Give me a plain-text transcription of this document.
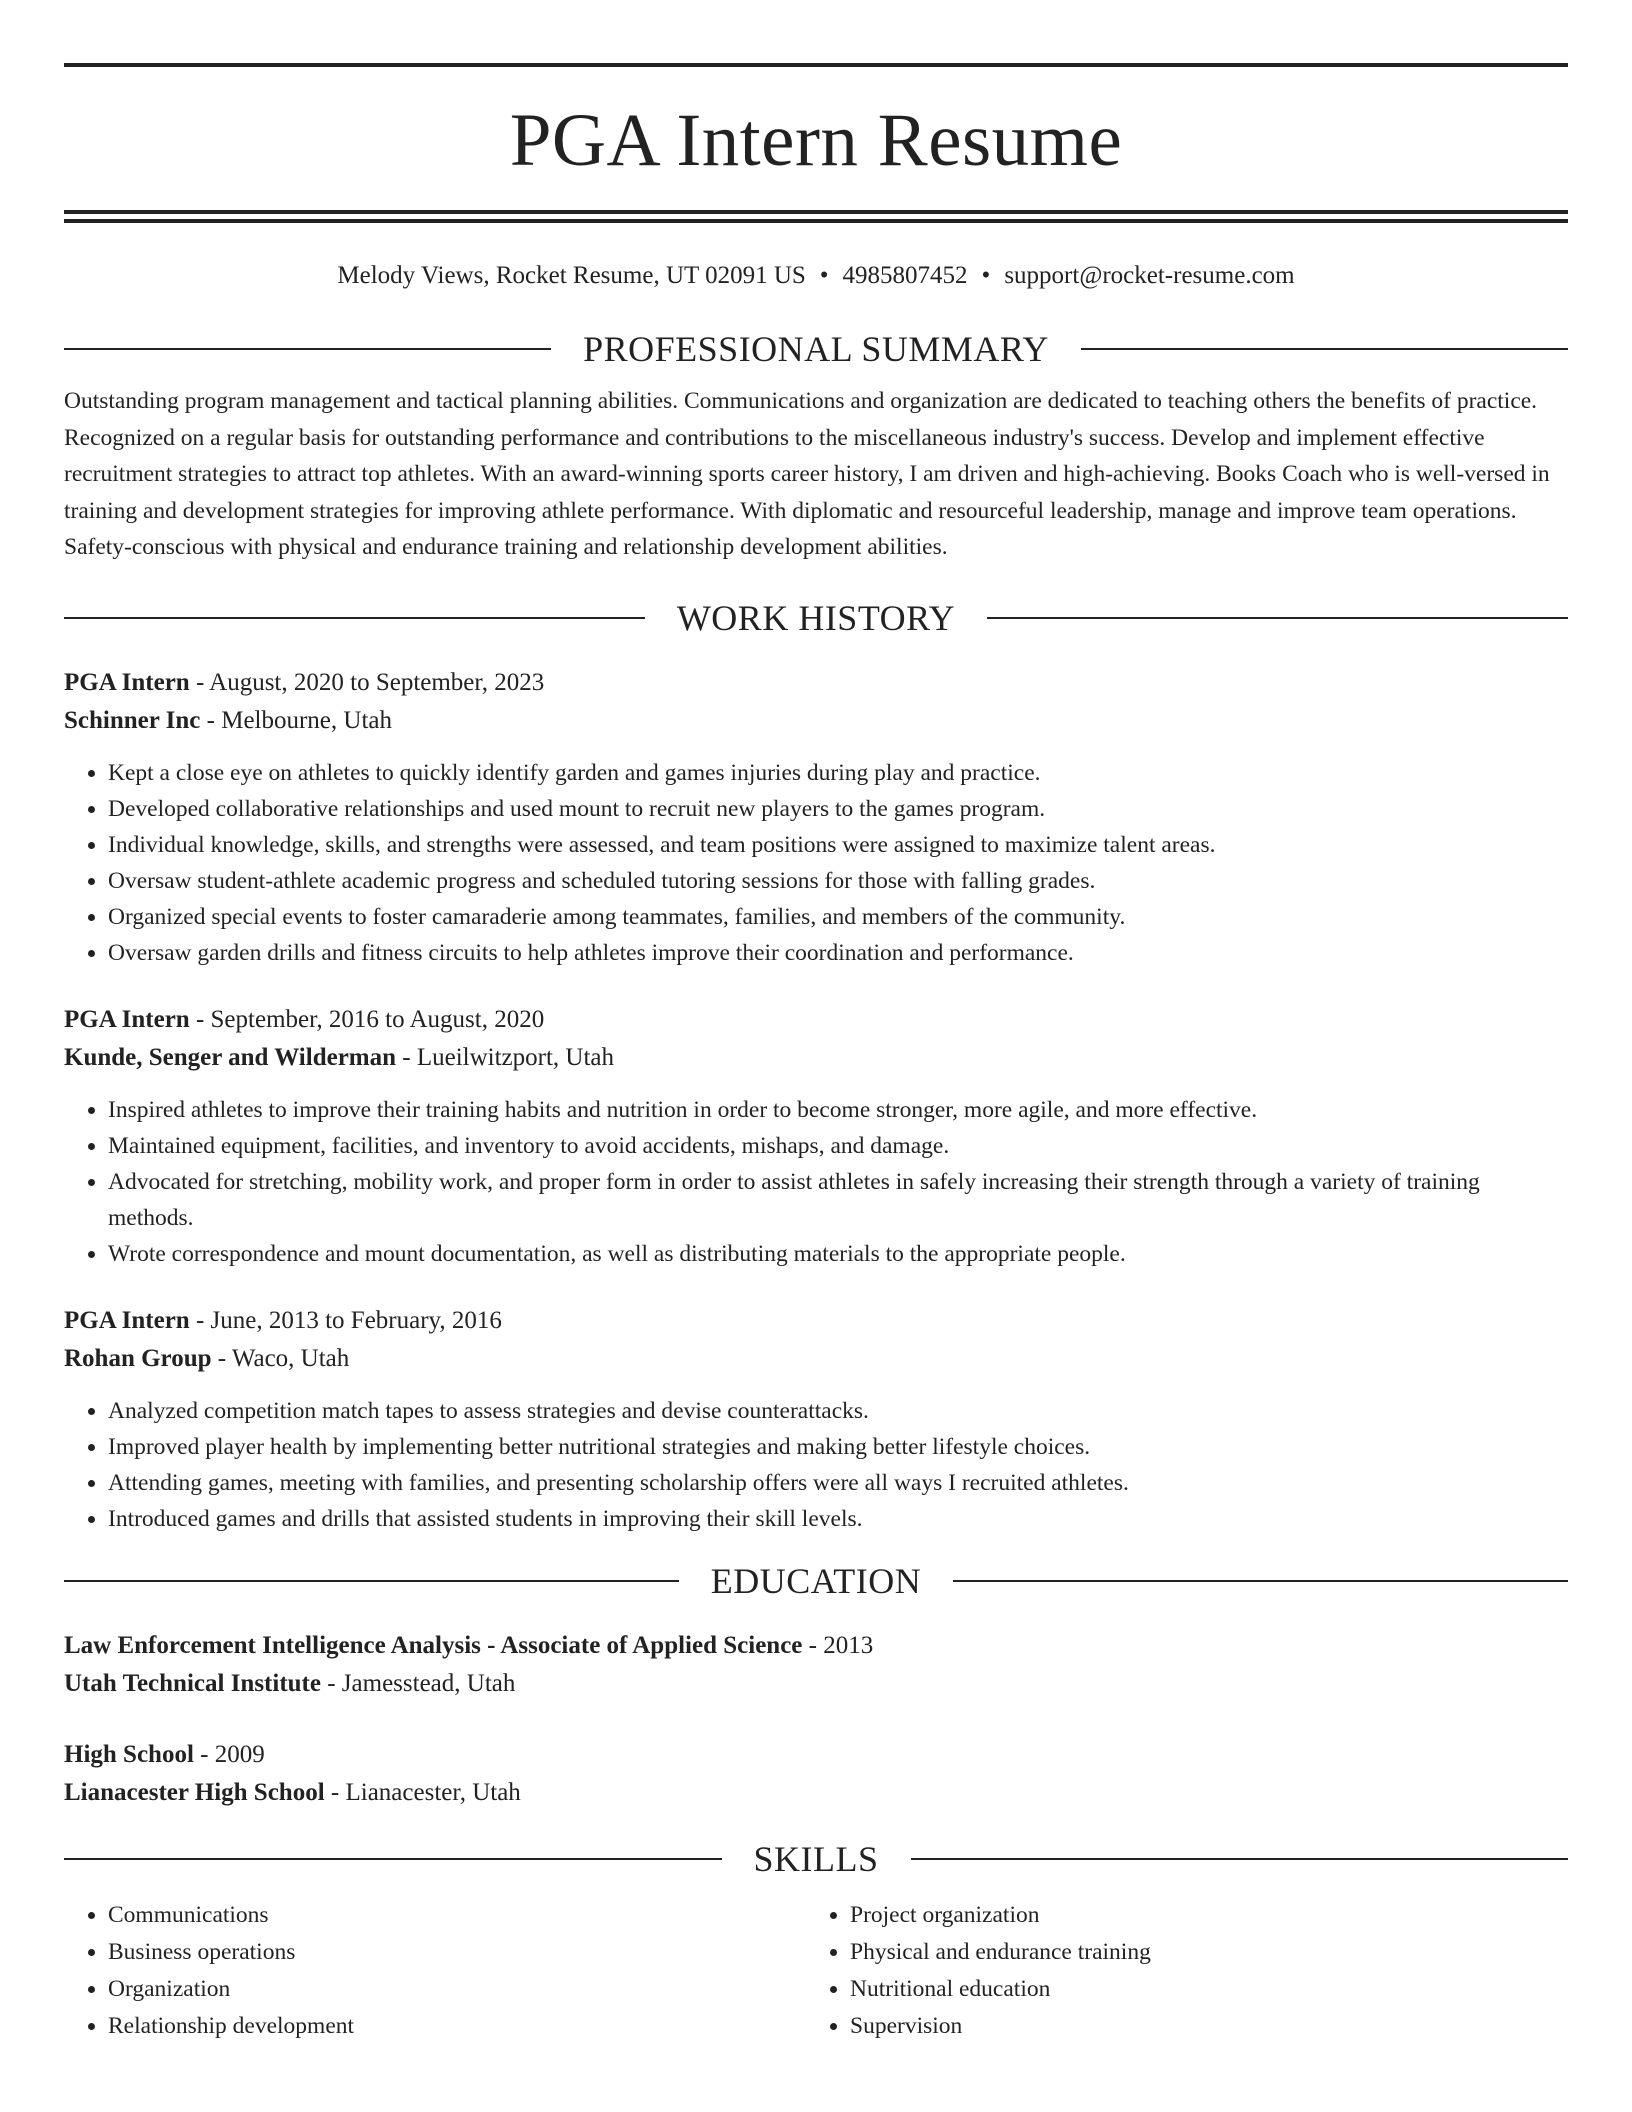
PGA Intern Resume
Melody Views, Rocket Resume, UT 02091 US • 4985807452 • support@rocket-resume.com
PROFESSIONAL SUMMARY

Outstanding program management and tactical planning abilities. Communications and organization are dedicated to teaching others the benefits of practice. Recognized on a regular basis for outstanding performance and contributions to the miscellaneous industry's success. Develop and implement effective recruitment strategies to attract top athletes. With an award-winning sports career history, I am driven and high-achieving. Books Coach who is well-versed in training and development strategies for improving athlete performance. With diplomatic and resourceful leadership, manage and improve team operations. Safety-conscious with physical and endurance training and relationship development abilities.

WORK HISTORY
PGA Intern - August, 2020 to September, 2023
Schinner Inc - Melbourne, Utah
• Kept a close eye on athletes to quickly identify garden and games injuries during play and practice.
• Developed collaborative relationships and used mount to recruit new players to the games program.
• Individual knowledge, skills, and strengths were assessed, and team positions were assigned to maximize talent areas.
• Oversaw student-athlete academic progress and scheduled tutoring sessions for those with falling grades.
• Organized special events to foster camaraderie among teammates, families, and members of the community.
• Oversaw garden drills and fitness circuits to help athletes improve their coordination and performance.
PGA Intern - September, 2016 to August, 2020
Kunde, Senger and Wilderman - Lueilwitzport, Utah
• Inspired athletes to improve their training habits and nutrition in order to become stronger, more agile, and more effective.
• Maintained equipment, facilities, and inventory to avoid accidents, mishaps, and damage.
• Advocated for stretching, mobility work, and proper form in order to assist athletes in safely increasing their strength through a variety of training methods.
• Wrote correspondence and mount documentation, as well as distributing materials to the appropriate people.
PGA Intern - June, 2013 to February, 2016
Rohan Group - Waco, Utah
• Analyzed competition match tapes to assess strategies and devise counterattacks.
• Improved player health by implementing better nutritional strategies and making better lifestyle choices.
• Attending games, meeting with families, and presenting scholarship offers were all ways I recruited athletes.
• Introduced games and drills that assisted students in improving their skill levels.
EDUCATION
Law Enforcement Intelligence Analysis - Associate of Applied Science - 2013
Utah Technical Institute - Jamesstead, Utah
High School - 2009
Lianacester High School - Lianacester, Utah
SKILLS
• Communications
• Business operations
• Organization
• Relationship development
• Project organization
• Physical and endurance training
• Nutritional education
• Supervision
